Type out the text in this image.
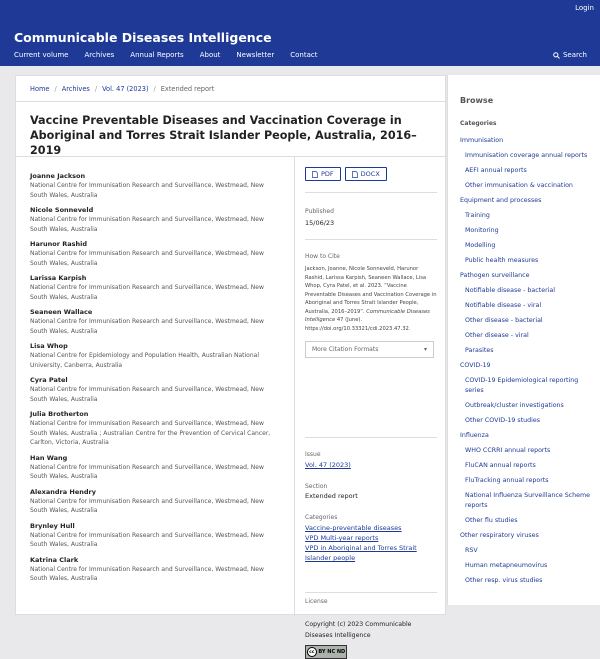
Login
Communicable Diseases Intelligence
Current volume Archives Annual Reports About Newsletter Contact	Search
Home / Archives / Vol. 47 (2023) / Extended report
Vaccine Preventable Diseases and Vaccination Coverage in Aboriginal and Torres Strait Islander People, Australia, 2016–2019
Joanne Jackson
National Centre for Immunisation Research and Surveillance, Westmead, New South Wales, Australia
Nicole Sonneveld
National Centre for Immunisation Research and Surveillance, Westmead, New South Wales, Australia
Harunor Rashid
National Centre for Immunisation Research and Surveillance, Westmead, New South Wales, Australia
Larissa Karpish
National Centre for Immunisation Research and Surveillance, Westmead, New South Wales, Australia
Seaneen Wallace
National Centre for Immunisation Research and Surveillance, Westmead, New South Wales, Australia
Lisa Whop
National Centre for Epidemiology and Population Health, Australian National University, Canberra, Australia
Cyra Patel
National Centre for Immunisation Research and Surveillance, Westmead, New South Wales, Australia
Julia Brotherton
National Centre for Immunisation Research and Surveillance, Westmead, New South Wales, Australia ; Australian Centre for the Prevention of Cervical Cancer, Carlton, Victoria, Australia
Han Wang
National Centre for Immunisation Research and Surveillance, Westmead, New South Wales, Australia
Alexandra Hendry
National Centre for Immunisation Research and Surveillance, Westmead, New South Wales, Australia
Brynley Hull
National Centre for Immunisation Research and Surveillance, Westmead, New South Wales, Australia
Katrina Clark
National Centre for Immunisation Research and Surveillance, Westmead, New South Wales, Australia
PDF	DOCX
Published
15/06/23
How to Cite
Jackson, Joanne, Nicole Sonneveld, Harunor Rashid, Larissa Karpish, Seaneen Wallace, Lisa Whop, Cyra Patel, et al. 2023. “Vaccine Preventable Diseases and Vaccination Coverage in Aboriginal and Torres Strait Islander People, Australia, 2016–2019”. Communicable Diseases Intelligence 47 (June). https://doi.org/10.33321/cdi.2023.47.32.
More Citation Formats	▾
Issue
Vol. 47 (2023)
Section
Extended report
Categories
Vaccine-preventable diseases
VPD Multi-year reports
VPD in Aboriginal and Torres Strait Islander people
License
Copyright (c) 2023 Communicable Diseases Intelligence
cc BY NC ND
Browse
Categories
Immunisation
Immunisation coverage annual reports
AEFI annual reports
Other immunisation & vaccination
Equipment and processes
Training
Monitoring
Modelling
Public health measures
Pathogen surveillance
Notifiable disease - bacterial
Notifiable disease - viral
Other disease - bacterial
Other disease - viral
Parasites
COVID-19
COVID-19 Epidemiological reporting series
Outbreak/cluster investigations
Other COVID-19 studies
Influenza
WHO CCRRI annual reports
FluCAN annual reports
FluTracking annual reports
National Influenza Surveillance Scheme reports
Other flu studies
Other respiratory viruses
RSV
Human metapneumovirus
Other resp. virus studies
